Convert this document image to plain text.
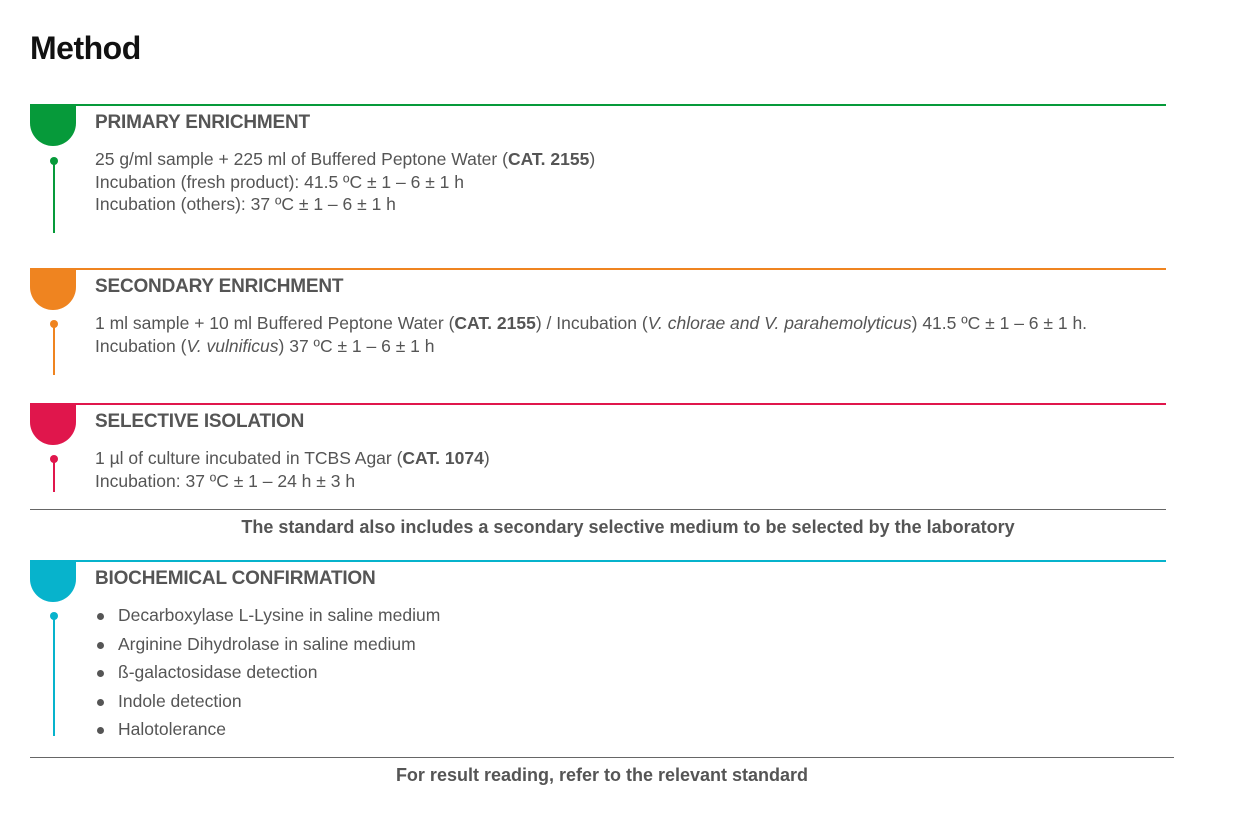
Method
PRIMARY ENRICHMENT

25 g/ml sample + 225 ml of Buffered Peptone Water (CAT. 2155)

Incubation (fresh product): 41.5 ºC ± 1 – 6 ± 1 h

Incubation (others): 37 ºC ± 1 – 6 ± 1 h

SECONDARY ENRICHMENT

1 ml sample + 10 ml Buffered Peptone Water (CAT. 2155) / Incubation (V. chlorae and V. parahemolyticus) 41.5 ºC ± 1 – 6 ± 1 h.

Incubation (V. vulnificus) 37 ºC ± 1 – 6 ± 1 h

SELECTIVE ISOLATION

1 µl of culture incubated in TCBS Agar (CAT. 1074)

Incubation: 37 ºC ± 1 – 24 h ± 3 h

The standard also includes a secondary selective medium to be selected by the laboratory
BIOCHEMICAL CONFIRMATION
Decarboxylase L-Lysine in saline medium
Arginine Dihydrolase in saline medium
ß-galactosidase detection
Indole detection
Halotolerance
For result reading, refer to the relevant standard
